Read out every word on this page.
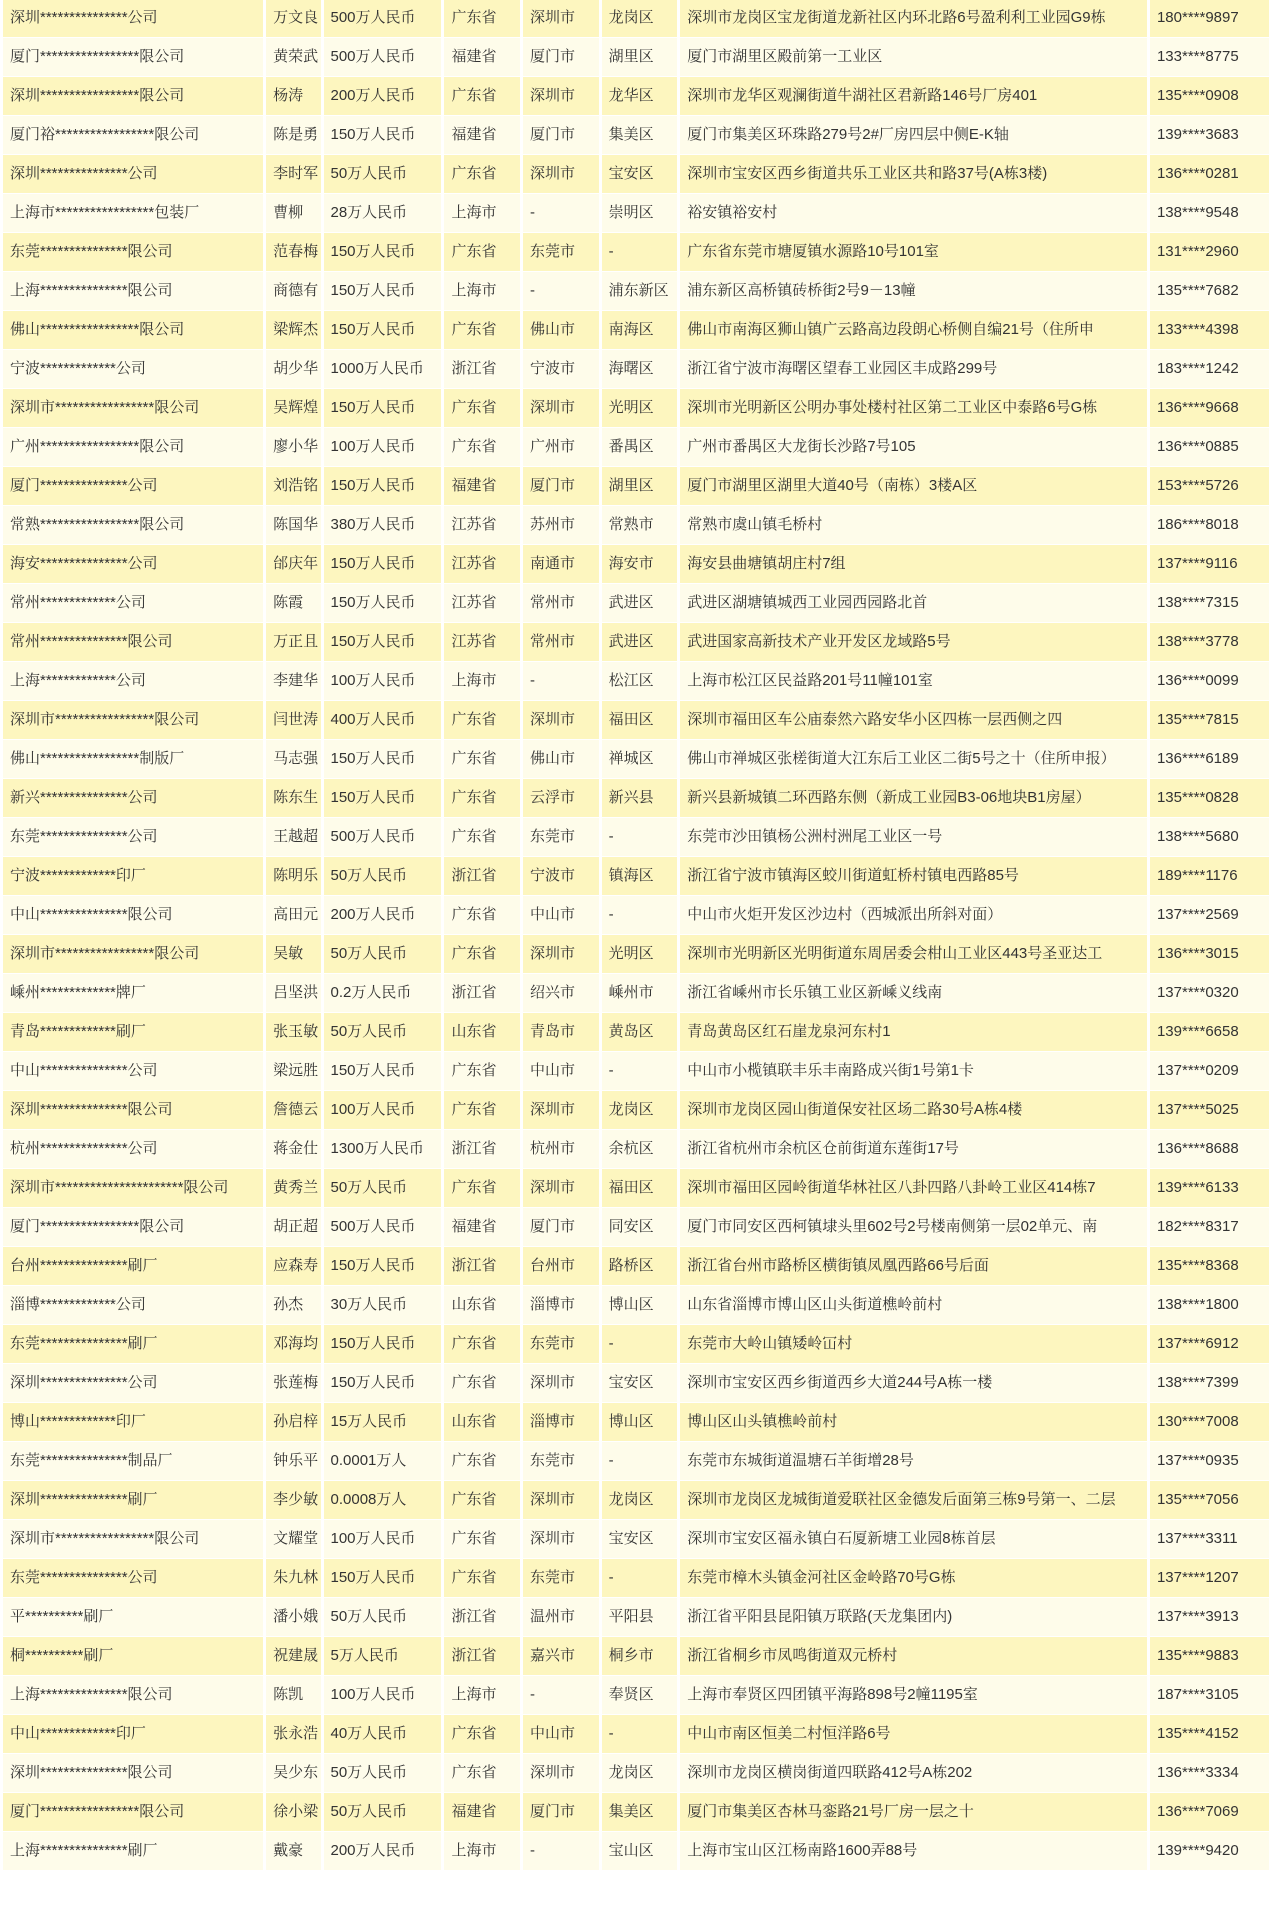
深圳***************公司	万文良	500万人民币	广东省	深圳市	龙岗区	深圳市龙岗区宝龙街道龙新社区内环北路6号盈利利工业园G9栋	180****9897
厦门*****************限公司	黄荣武	500万人民币	福建省	厦门市	湖里区	厦门市湖里区殿前第一工业区	133****8775
深圳*****************限公司	杨涛	200万人民币	广东省	深圳市	龙华区	深圳市龙华区观澜街道牛湖社区君新路146号厂房401	135****0908
厦门裕*****************限公司	陈是勇	150万人民币	福建省	厦门市	集美区	厦门市集美区环珠路279号2#厂房四层中侧E-K轴	139****3683
深圳***************公司	李时军	50万人民币	广东省	深圳市	宝安区	深圳市宝安区西乡街道共乐工业区共和路37号(A栋3楼)	136****0281
上海市*****************包装厂	曹柳	28万人民币	上海市	-	崇明区	裕安镇裕安村	138****9548
东莞***************限公司	范春梅	150万人民币	广东省	东莞市	-	广东省东莞市塘厦镇水源路10号101室	131****2960
上海***************限公司	商德有	150万人民币	上海市	-	浦东新区	浦东新区高桥镇砖桥街2号9－13幢	135****7682
佛山*****************限公司	梁辉杰	150万人民币	广东省	佛山市	南海区	佛山市南海区狮山镇广云路高边段朗心桥侧自编21号（住所申	133****4398
宁波*************公司	胡少华	1000万人民币	浙江省	宁波市	海曙区	浙江省宁波市海曙区望春工业园区丰成路299号	183****1242
深圳市*****************限公司	吴辉煌	150万人民币	广东省	深圳市	光明区	深圳市光明新区公明办事处楼村社区第二工业区中泰路6号G栋	136****9668
广州*****************限公司	廖小华	100万人民币	广东省	广州市	番禺区	广州市番禺区大龙街长沙路7号105	136****0885
厦门***************公司	刘浩铭	150万人民币	福建省	厦门市	湖里区	厦门市湖里区湖里大道40号（南栋）3楼A区	153****5726
常熟*****************限公司	陈国华	380万人民币	江苏省	苏州市	常熟市	常熟市虞山镇毛桥村	186****8018
海安***************公司	邰庆年	150万人民币	江苏省	南通市	海安市	海安县曲塘镇胡庄村7组	137****9116
常州*************公司	陈霞	150万人民币	江苏省	常州市	武进区	武进区湖塘镇城西工业园西园路北首	138****7315
常州***************限公司	万正且	150万人民币	江苏省	常州市	武进区	武进国家高新技术产业开发区龙域路5号	138****3778
上海*************公司	李建华	100万人民币	上海市	-	松江区	上海市松江区民益路201号11幢101室	136****0099
深圳市*****************限公司	闫世涛	400万人民币	广东省	深圳市	福田区	深圳市福田区车公庙泰然六路安华小区四栋一层西侧之四	135****7815
佛山*****************制版厂	马志强	150万人民币	广东省	佛山市	禅城区	佛山市禅城区张槎街道大江东后工业区二街5号之十（住所申报）	136****6189
新兴***************公司	陈东生	150万人民币	广东省	云浮市	新兴县	新兴县新城镇二环西路东侧（新成工业园B3-06地块B1房屋）	135****0828
东莞***************公司	王越超	500万人民币	广东省	东莞市	-	东莞市沙田镇杨公洲村洲尾工业区一号	138****5680
宁波*************印厂	陈明乐	50万人民币	浙江省	宁波市	镇海区	浙江省宁波市镇海区蛟川街道虹桥村镇电西路85号	189****1176
中山***************限公司	高田元	200万人民币	广东省	中山市	-	中山市火炬开发区沙边村（西城派出所斜对面）	137****2569
深圳市*****************限公司	吴敏	50万人民币	广东省	深圳市	光明区	深圳市光明新区光明街道东周居委会柑山工业区443号圣亚达工	136****3015
嵊州*************牌厂	吕坚洪	0.2万人民币	浙江省	绍兴市	嵊州市	浙江省嵊州市长乐镇工业区新嵊义线南	137****0320
青岛*************刷厂	张玉敏	50万人民币	山东省	青岛市	黄岛区	青岛黄岛区红石崖龙泉河东村1	139****6658
中山***************公司	梁远胜	150万人民币	广东省	中山市	-	中山市小榄镇联丰乐丰南路成兴街1号第1卡	137****0209
深圳***************限公司	詹德云	100万人民币	广东省	深圳市	龙岗区	深圳市龙岗区园山街道保安社区场二路30号A栋4楼	137****5025
杭州***************公司	蒋金仕	1300万人民币	浙江省	杭州市	余杭区	浙江省杭州市余杭区仓前街道东莲街17号	136****8688
深圳市**********************限公司	黄秀兰	50万人民币	广东省	深圳市	福田区	深圳市福田区园岭街道华林社区八卦四路八卦岭工业区414栋7	139****6133
厦门*****************限公司	胡正超	500万人民币	福建省	厦门市	同安区	厦门市同安区西柯镇埭头里602号2号楼南侧第一层02单元、南	182****8317
台州***************刷厂	应森寿	150万人民币	浙江省	台州市	路桥区	浙江省台州市路桥区横街镇凤凰西路66号后面	135****8368
淄博*************公司	孙杰	30万人民币	山东省	淄博市	博山区	山东省淄博市博山区山头街道樵岭前村	138****1800
东莞***************刷厂	邓海均	150万人民币	广东省	东莞市	-	东莞市大岭山镇矮岭冚村	137****6912
深圳***************公司	张莲梅	150万人民币	广东省	深圳市	宝安区	深圳市宝安区西乡街道西乡大道244号A栋一楼	138****7399
博山*************印厂	孙启梓	15万人民币	山东省	淄博市	博山区	博山区山头镇樵岭前村	130****7008
东莞***************制品厂	钟乐平	0.0001万人	广东省	东莞市	-	东莞市东城街道温塘石羊街增28号	137****0935
深圳***************刷厂	李少敏	0.0008万人	广东省	深圳市	龙岗区	深圳市龙岗区龙城街道爱联社区金德发后面第三栋9号第一、二层	135****7056
深圳市*****************限公司	文耀堂	100万人民币	广东省	深圳市	宝安区	深圳市宝安区福永镇白石厦新塘工业园8栋首层	137****3311
东莞***************公司	朱九林	150万人民币	广东省	东莞市	-	东莞市樟木头镇金河社区金岭路70号G栋	137****1207
平**********刷厂	潘小娥	50万人民币	浙江省	温州市	平阳县	浙江省平阳县昆阳镇万联路(天龙集团内)	137****3913
桐**********刷厂	祝建晟	5万人民币	浙江省	嘉兴市	桐乡市	浙江省桐乡市凤鸣街道双元桥村	135****9883
上海***************限公司	陈凯	100万人民币	上海市	-	奉贤区	上海市奉贤区四团镇平海路898号2幢1195室	187****3105
中山*************印厂	张永浩	40万人民币	广东省	中山市	-	中山市南区恒美二村恒洋路6号	135****4152
深圳***************限公司	吴少东	50万人民币	广东省	深圳市	龙岗区	深圳市龙岗区横岗街道四联路412号A栋202	136****3334
厦门*****************限公司	徐小梁	50万人民币	福建省	厦门市	集美区	厦门市集美区杏林马銮路21号厂房一层之十	136****7069
上海***************刷厂	戴豪	200万人民币	上海市	-	宝山区	上海市宝山区江杨南路1600弄88号	139****9420
